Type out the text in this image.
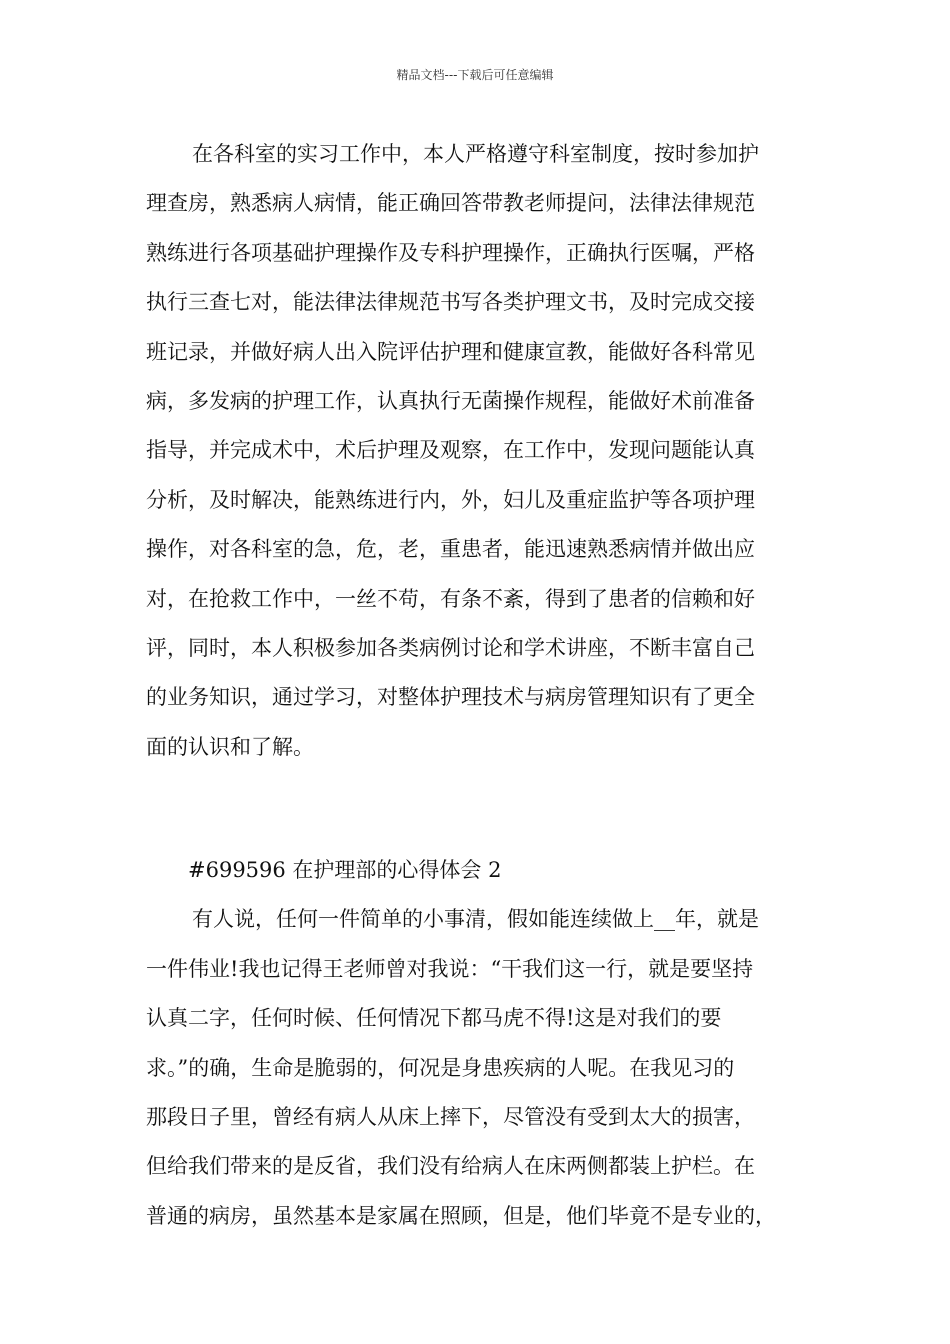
精品文档---下载后可任意编辑
在各科室的实习工作中，本人严格遵守科室制度，按时参加护
理查房，熟悉病人病情，能正确回答带教老师提问，法律法律规范
熟练进行各项基础护理操作及专科护理操作，正确执行医嘱，严格
执行三查七对，能法律法律规范书写各类护理文书，及时完成交接
班记录，并做好病人出入院评估护理和健康宣教，能做好各科常见
病，多发病的护理工作，认真执行无菌操作规程，能做好术前准备
指导，并完成术中，术后护理及观察，在工作中，发现问题能认真
分析，及时解决，能熟练进行内，外，妇儿及重症监护等各项护理
操作，对各科室的急，危，老，重患者，能迅速熟悉病情并做出应
对，在抢救工作中，一丝不苟，有条不紊，得到了患者的信赖和好
评，同时，本人积极参加各类病例讨论和学术讲座，不断丰富自己
的业务知识，通过学习，对整体护理技术与病房管理知识有了更全
面的认识和了解。
#699596 在护理部的心得体会 2
有人说，任何一件简单的小事清，假如能连续做上__年，就是
一件伟业!我也记得王老师曾对我说：“干我们这一行，就是要坚持
认真二字，任何时候、任何情况下都马虎不得!这是对我们的要
求。”的确，生命是脆弱的，何况是身患疾病的人呢。在我见习的
那段日子里，曾经有病人从床上摔下，尽管没有受到太大的损害，
但给我们带来的是反省，我们没有给病人在床两侧都装上护栏。在
普通的病房，虽然基本是家属在照顾，但是，他们毕竟不是专业的，
